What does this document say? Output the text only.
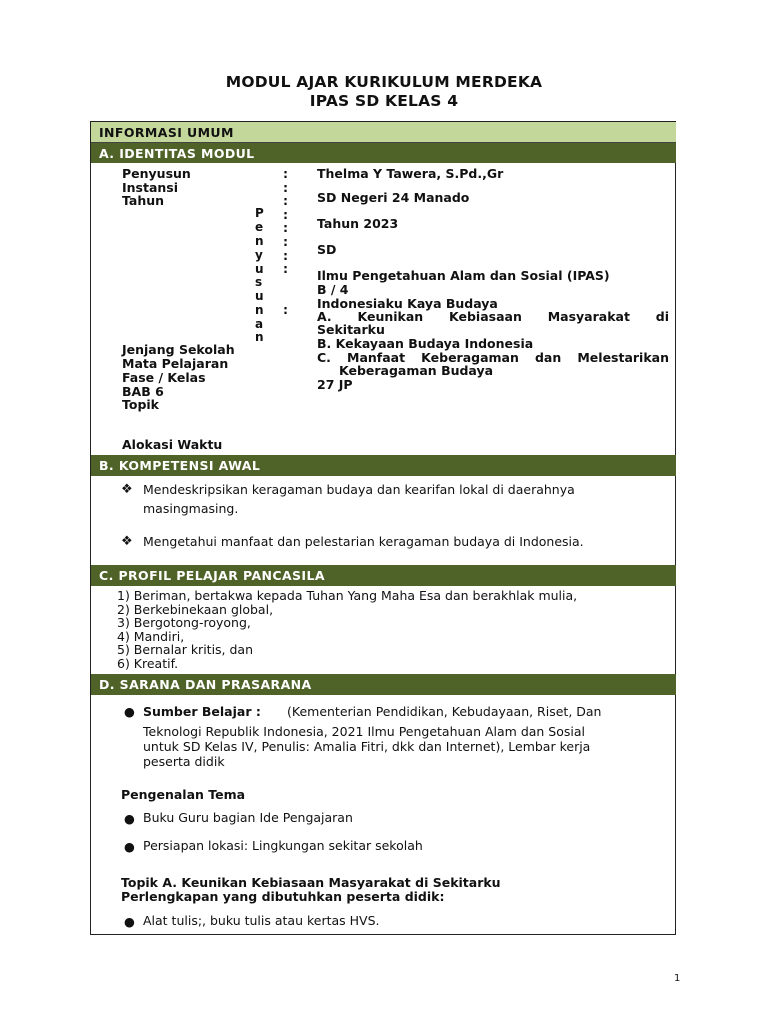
MODUL AJAR KURIKULUM MERDEKA
IPAS SD KELAS 4
INFORMASI UMUM
A. IDENTITAS MODUL
Penyusun
Instansi
Tahun
Jenjang Sekolah
Mata Pelajaran
Fase / Kelas
BAB 6
Topik
Alokasi Waktu
P
e
n
y
u
s
u
n
a
n
:
:
:
:
:
:
:
:
:
Thelma Y Tawera, S.Pd.,Gr
SD Negeri 24 Manado
Tahun 2023
SD
Ilmu Pengetahuan Alam dan Sosial (IPAS)
B / 4
Indonesiaku Kaya Budaya
A. Keunikan Kebiasaan Masyarakat di
Sekitarku
B. Kekayaan Budaya Indonesia
C. Manfaat Keberagaman dan Melestarikan
Keberagaman Budaya
27 JP
B. KOMPETENSI AWAL
❖ Mendeskripsikan keragaman budaya dan kearifan lokal di daerahnya
masingmasing.
❖ Mengetahui manfaat dan pelestarian keragaman budaya di Indonesia.
C. PROFIL PELAJAR PANCASILA
1) Beriman, bertakwa kepada Tuhan Yang Maha Esa dan berakhlak mulia,
2) Berkebinekaan global,
3) Bergotong-royong,
4) Mandiri,
5) Bernalar kritis, dan
6) Kreatif.
D. SARANA DAN PRASARANA
● Sumber Belajar : (Kementerian Pendidikan, Kebudayaan, Riset, Dan
Teknologi Republik Indonesia, 2021 Ilmu Pengetahuan Alam dan Sosial
untuk SD Kelas IV, Penulis: Amalia Fitri, dkk dan Internet), Lembar kerja
peserta didik
Pengenalan Tema
● Buku Guru bagian Ide Pengajaran
● Persiapan lokasi: Lingkungan sekitar sekolah
Topik A. Keunikan Kebiasaan Masyarakat di Sekitarku
Perlengkapan yang dibutuhkan peserta didik:
● Alat tulis;, buku tulis atau kertas HVS.
1
